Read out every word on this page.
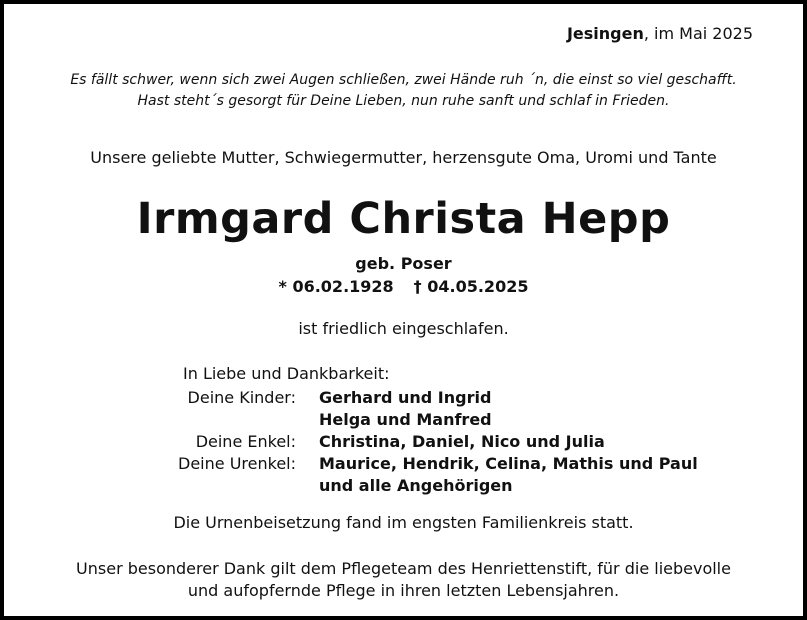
Jesingen, im Mai 2025
Es fällt schwer, wenn sich zwei Augen schließen, zwei Hände ruh ´n, die einst so viel geschafft.
Hast steht´s gesorgt für Deine Lieben, nun ruhe sanft und schlaf in Frieden.
Unsere geliebte Mutter, Schwiegermutter, herzensgute Oma, Uromi und Tante
Irmgard Christa Hepp
geb. Poser
* 06.02.1928 † 04.05.2025
ist friedlich eingeschlafen.
In Liebe und Dankbarkeit:
Deine Kinder: Gerhard und Ingrid
Helga und Manfred
Deine Enkel: Christina, Daniel, Nico und Julia
Deine Urenkel: Maurice, Hendrik, Celina, Mathis und Paul
und alle Angehörigen
Die Urnenbeisetzung fand im engsten Familienkreis statt.
Unser besonderer Dank gilt dem Pflegeteam des Henriettenstift, für die liebevolle
und aufopfernde Pflege in ihren letzten Lebensjahren.
